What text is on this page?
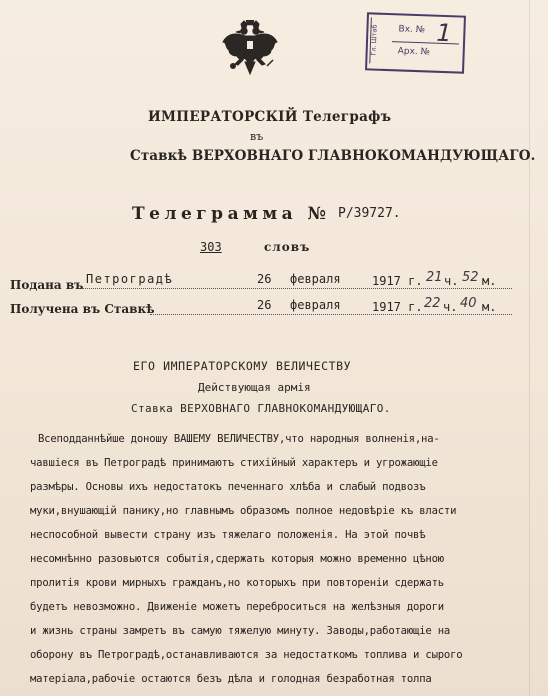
Гл. Штаб	Вх. №
Арх. №
1
ИМПЕРАТОРСКІЙ Телеграфъ
въ
Ставкѣ ВЕРХОВНАГО ГЛАВНОКОМАНДУЮЩАГО.
Телеграмма № Р/39727.
303	словъ
Подана въ Петроградѣ	26 февраля	1917 г. 21 ч. 52 м.
Получена въ Ставкѣ	26 февраля	1917 г. 22 ч. 40 м.
ЕГО ИМПЕРАТОРСКОМУ ВЕЛИЧЕСТВУ
Действующая армія
Ставка ВЕРХОВНАГО ГЛАВНОКОМАНДУЮЩАГО.
Всеподданнѣйше доношу ВАШЕМУ ВЕЛИЧЕСТВУ,что народныя волненія,на-
чавшіеся въ Петроградѣ принимаютъ стихійный характеръ и угрожающіе
размѣры. Основы ихъ недостатокъ печеннаго хлѣба и слабый подвозъ
муки,внушающій панику,но главнымъ образомъ полное недовѣріе къ власти
неспособной вывести страну изъ тяжелаго положенія. На этой почвѣ
несомнѣнно разовьются событія,сдержать которыя можно временно цѣною
пролитія крови мирныхъ гражданъ,но которыхъ при повтореніи сдержать
будетъ невозможно. Движеніе можетъ переброситься на желѣзныя дороги
и жизнь страны замретъ въ самую тяжелую минуту. Заводы,работающіе на
оборону въ Петроградѣ,останавливаются за недостаткомъ топлива и сырого
матеріала,рабочіе остаются безъ дѣла и голодная безработная толпа
